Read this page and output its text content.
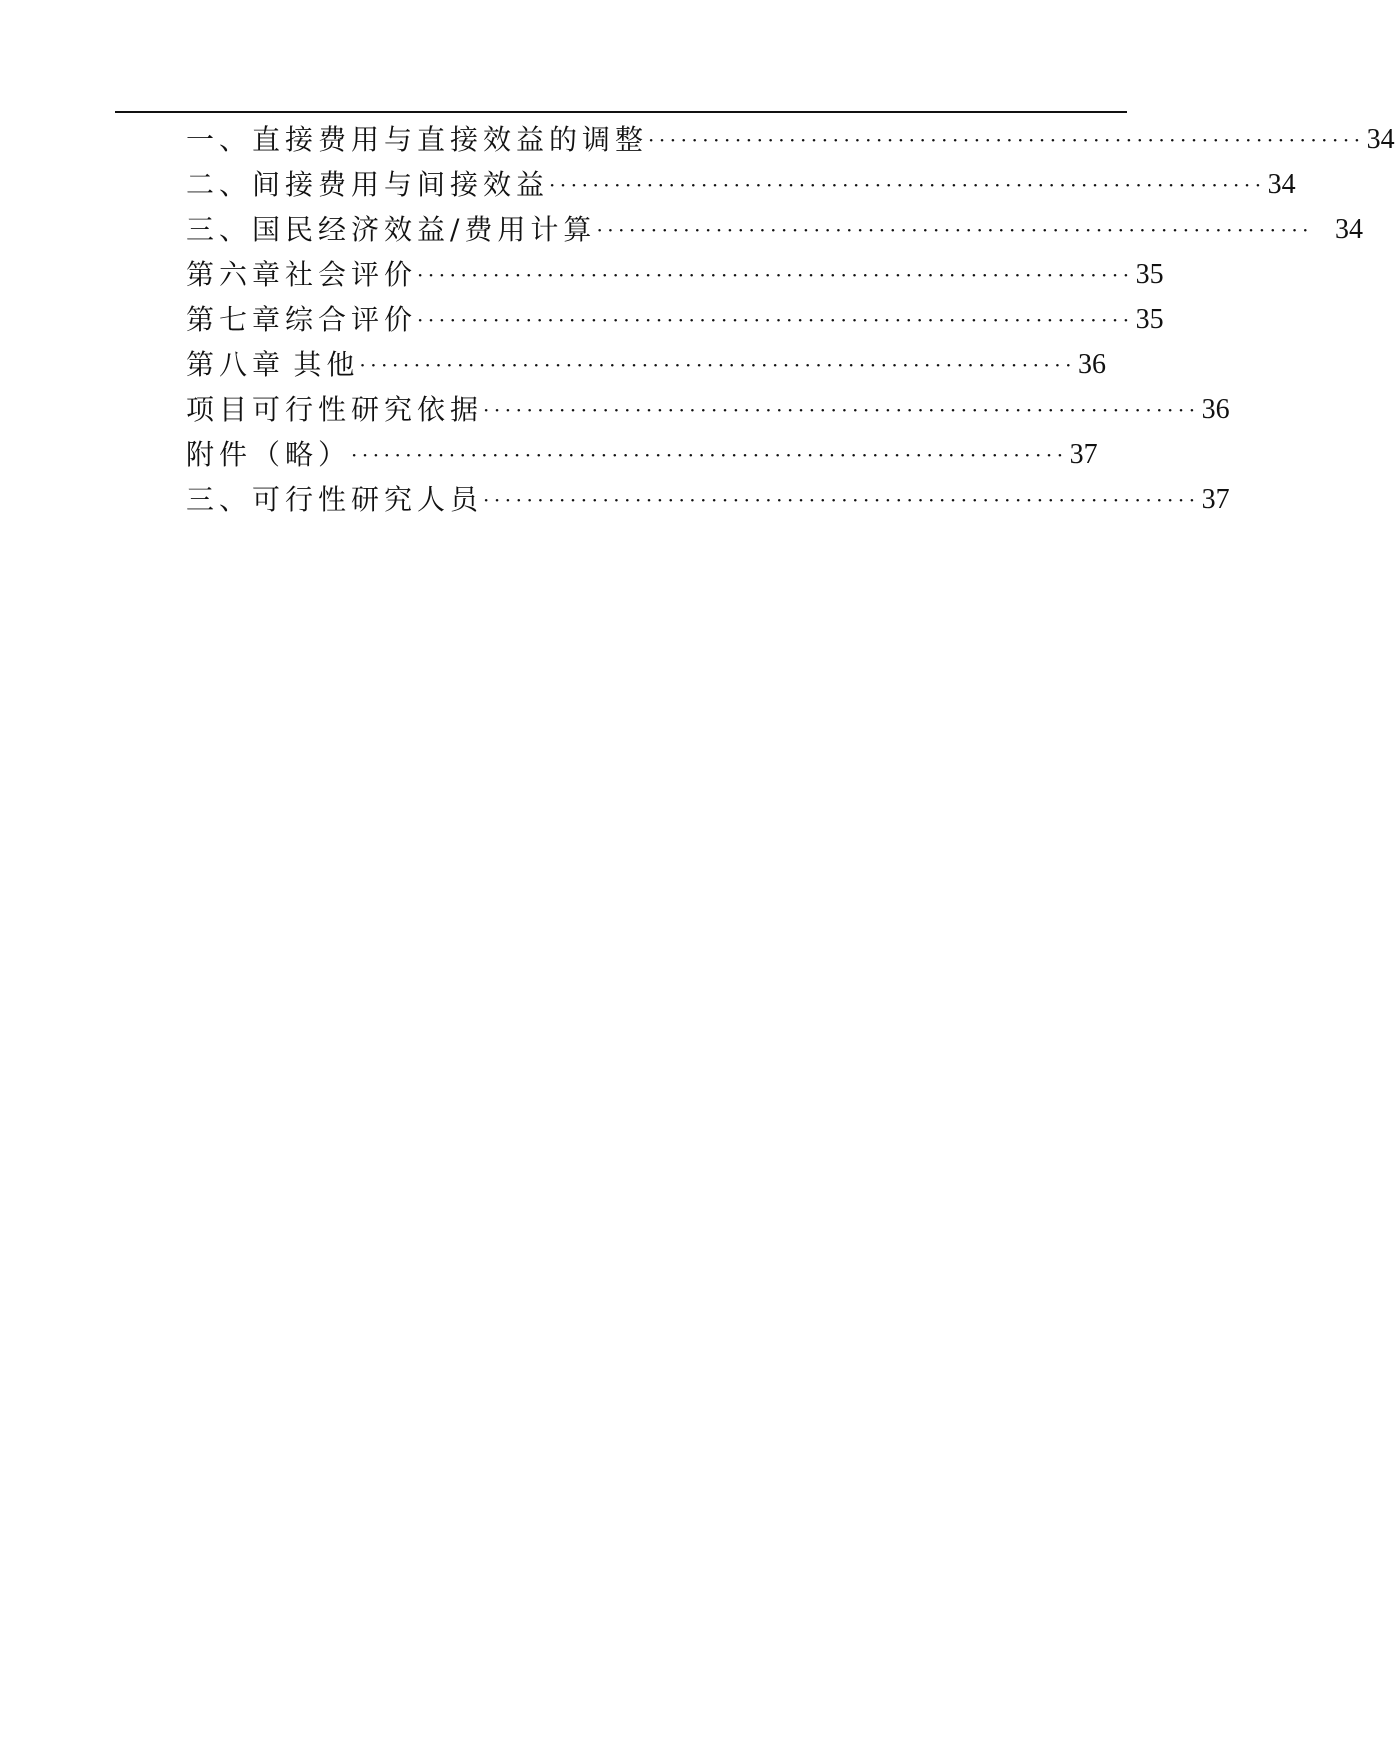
一、直接费用与直接效益的调整 ·································································· 34
二、间接费用与间接效益 ·································································· 34
三、国民经济效益/费用计算 ·································································· 34
第六章 社会评价 ·································································· 35
第七章 综合评价 ·································································· 35
第八章 其他 ·································································· 36
项目可行性研究依据 ·································································· 36
附件（略） ·································································· 37
三、可行性研究人员 ·································································· 37
